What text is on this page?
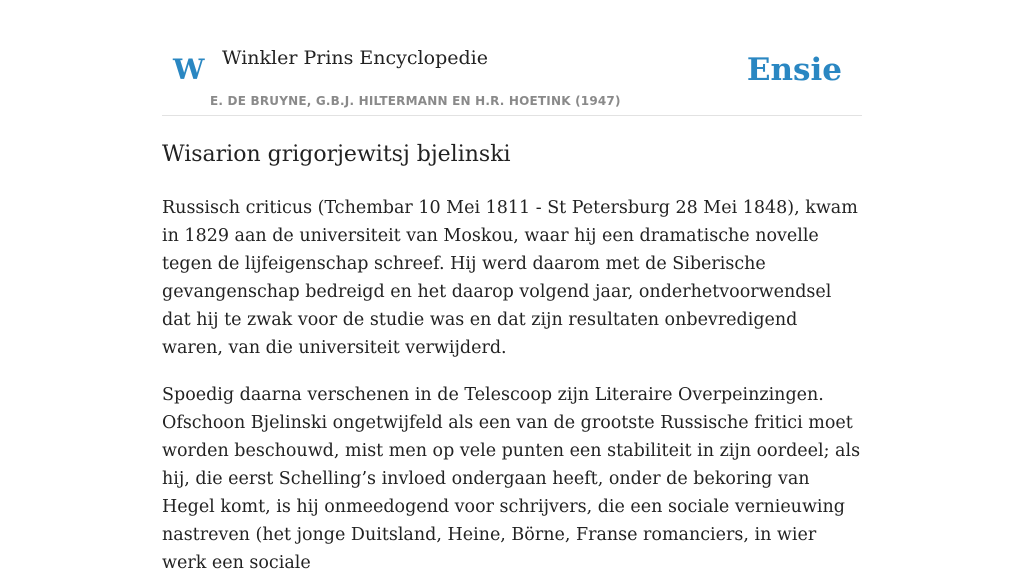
W Winkler Prins Encyclopedie
E. DE BRUYNE, G.B.J. HILTERMANN EN H.R. HOETINK (1947)
Ensie
Wisarion grigorjewitsj bjelinski

Russisch criticus (Tchembar 10 Mei 1811 - St Petersburg 28 Mei 1848), kwam in 1829 aan de universiteit van Moskou, waar hij een dramatische novelle tegen de lijfeigenschap schreef. Hij werd daarom met de Siberische gevangenschap bedreigd en het daarop volgend jaar, onderhetvoorwendsel dat hij te zwak voor de studie was en dat zijn resultaten onbevredigend waren, van die universiteit verwijderd.

Spoedig daarna verschenen in de Telescoop zijn Literaire Overpeinzingen. Ofschoon Bjelinski ongetwijfeld als een van de grootste Russische fritici moet worden beschouwd, mist men op vele punten een stabiliteit in zijn oordeel; als hij, die eerst Schelling’s invloed ondergaan heeft, onder de bekoring van Hegel komt, is hij onmeedogend voor schrijvers, die een sociale vernieuwing nastreven (het jonge Duitsland, Heine, Börne, Franse romanciers, in wier werk een sociale
